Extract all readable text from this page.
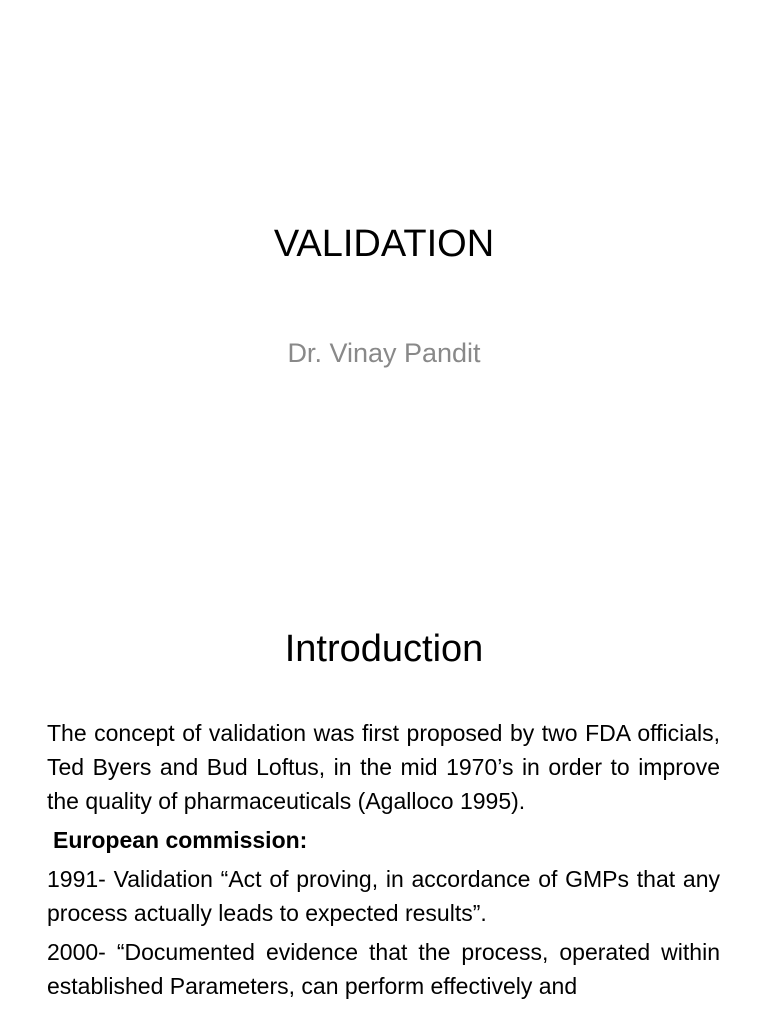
VALIDATION

Dr. Vinay Pandit

Introduction

The concept of validation was first proposed by two FDA officials, Ted Byers and Bud Loftus, in the mid 1970’s in order to improve the quality of pharmaceuticals (Agalloco 1995).

European commission:

1991- Validation “Act of proving, in accordance of GMPs that any process actually leads to expected results”.

2000- “Documented evidence that the process, operated within established Parameters, can perform effectively and
